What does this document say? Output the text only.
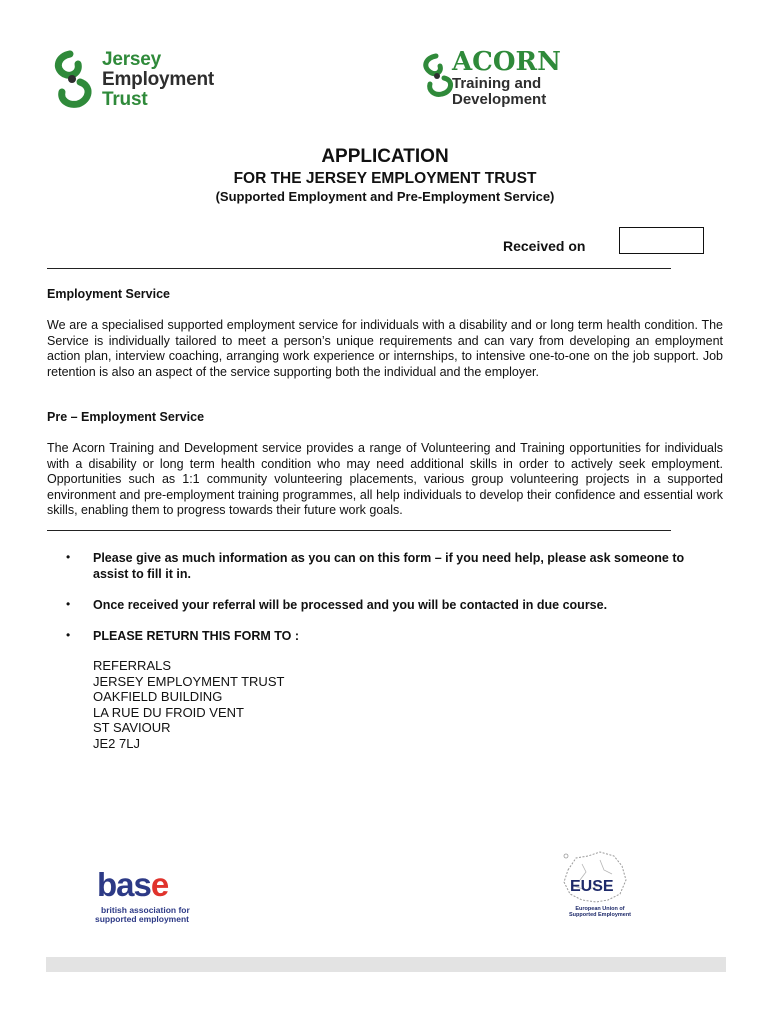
Jersey
Employment
Trust
ACORN
Training and
Development
APPLICATION
FOR THE JERSEY EMPLOYMENT TRUST
(Supported Employment and Pre-Employment Service)
Received on
Employment Service
We are a specialised supported employment service for individuals with a disability and or long term health condition. The Service is individually tailored to meet a person’s unique requirements and can vary from developing an employment action plan, interview coaching, arranging work experience or internships, to intensive one-to-one on the job support. Job retention is also an aspect of the service supporting both the individual and the employer.
Pre – Employment Service
The Acorn Training and Development service provides a range of Volunteering and Training opportunities for individuals with a disability or long term health condition who may need additional skills in order to actively seek employment. Opportunities such as 1:1 community volunteering placements, various group volunteering projects in a supported environment and pre-employment training programmes, all help individuals to develop their confidence and essential work skills, enabling them to progress towards their future work goals.
• Please give as much information as you can on this form – if you need help, please ask someone to assist to fill it in.
• Once received your referral will be processed and you will be contacted in due course.
• PLEASE RETURN THIS FORM TO :
REFERRALS
JERSEY EMPLOYMENT TRUST
OAKFIELD BUILDING
LA RUE DU FROID VENT
ST SAVIOUR
JE2 7LJ
base
british association for
supported employment
EUSE
European Union of
Supported Employment
